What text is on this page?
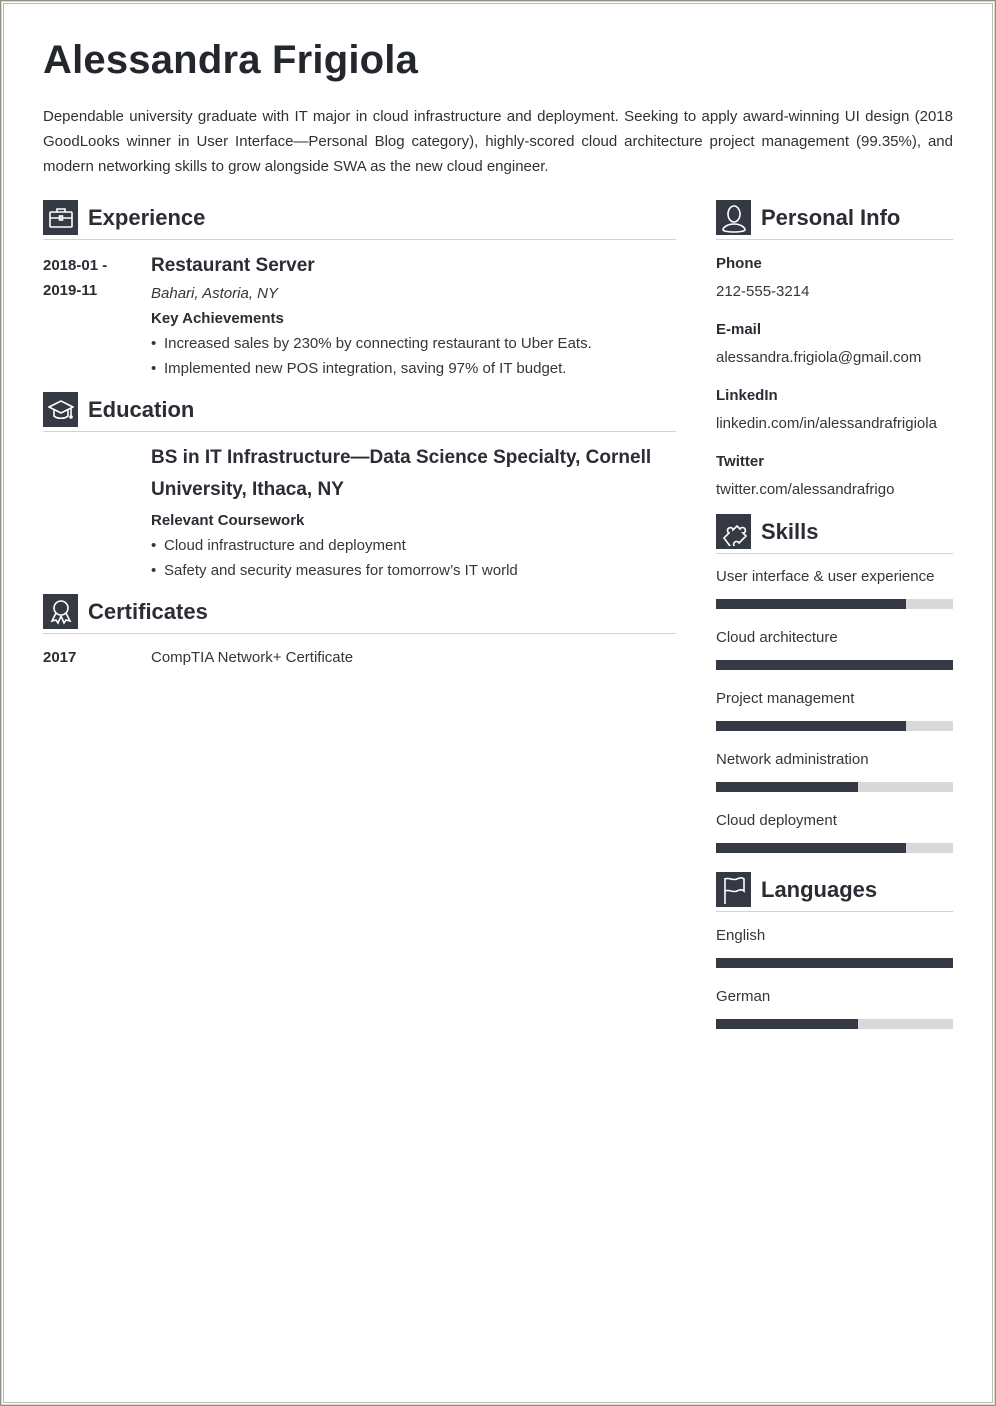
Alessandra Frigiola
Dependable university graduate with IT major in cloud infrastructure and deployment. Seeking to apply award-winning UI design (2018 GoodLooks winner in User Interface—Personal Blog category), highly-scored cloud architecture project management (99.35%), and modern networking skills to grow alongside SWA as the new cloud engineer.
Experience
2018-01 -
2019-11
Restaurant Server
Bahari, Astoria, NY
Key Achievements
• Increased sales by 230% by connecting restaurant to Uber Eats.
• Implemented new POS integration, saving 97% of IT budget.
Education
BS in IT Infrastructure—Data Science Specialty, Cornell University, Ithaca, NY
Relevant Coursework
• Cloud infrastructure and deployment
• Safety and security measures for tomorrow’s IT world
Certificates
2017	CompTIA Network+ Certificate
Personal Info
Phone
212-555-3214
E-mail
alessandra.frigiola@gmail.com
LinkedIn
linkedin.com/in/alessandrafrigiola
Twitter
twitter.com/alessandrafrigo
Skills
User interface & user experience
Cloud architecture
Project management
Network administration
Cloud deployment
Languages
English
German
